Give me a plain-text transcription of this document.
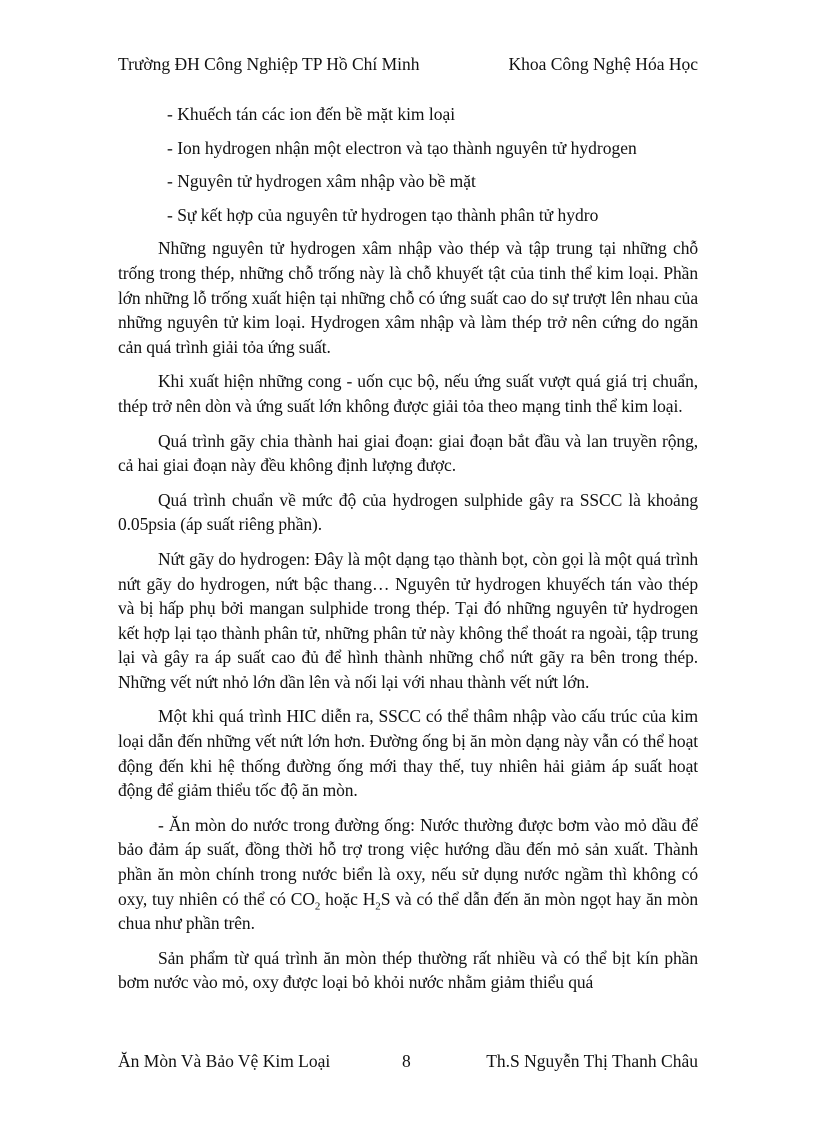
Trường ĐH Công Nghiệp TP Hồ Chí Minh	Khoa Công Nghệ Hóa Học
- Khuếch tán các ion đến bề mặt kim loại
- Ion hydrogen nhận một electron và tạo thành nguyên tử hydrogen
- Nguyên tử hydrogen xâm nhập vào bề mặt
- Sự kết hợp của nguyên tử hydrogen tạo thành phân tử hydro

Những nguyên tử hydrogen xâm nhập vào thép và tập trung tại những chỗ trống trong thép, những chỗ trống này là chỗ khuyết tật của tinh thể kim loại. Phần lớn những lỗ trống xuất hiện tại những chỗ có ứng suất cao do sự trượt lên nhau của những nguyên tử kim loại. Hydrogen xâm nhập và làm thép trở nên cứng do ngăn cản quá trình giải tỏa ứng suất.

Khi xuất hiện những cong - uốn cục bộ, nếu ứng suất vượt quá giá trị chuẩn, thép trở nên dòn và ứng suất lớn không được giải tỏa theo mạng tinh thể kim loại.

Quá trình gãy chia thành hai giai đoạn: giai đoạn bắt đầu và lan truyền rộng, cả hai giai đoạn này đều không định lượng được.

Quá trình chuẩn về mức độ của hydrogen sulphide gây ra SSCC là khoảng 0.05psia (áp suất riêng phần).

Nứt gãy do hydrogen: Đây là một dạng tạo thành bọt, còn gọi là một quá trình nứt gãy do hydrogen, nứt bậc thang… Nguyên tử hydrogen khuyếch tán vào thép và bị hấp phụ bởi mangan sulphide trong thép. Tại đó những nguyên tử hydrogen kết hợp lại tạo thành phân tử, những phân tử này không thể thoát ra ngoài, tập trung lại và gây ra áp suất cao đủ để hình thành những chổ nứt gãy ra bên trong thép. Những vết nứt nhỏ lớn dần lên và nối lại với nhau thành vết nứt lớn.

Một khi quá trình HIC diễn ra, SSCC có thể thâm nhập vào cấu trúc của kim loại dẫn đến những vết nứt lớn hơn. Đường ống bị ăn mòn dạng này vẫn có thể hoạt động đến khi hệ thống đường ống mới thay thế, tuy nhiên hải giảm áp suất hoạt động để giảm thiểu tốc độ ăn mòn.

- Ăn mòn do nước trong đường ống: Nước thường được bơm vào mỏ dầu để bảo đảm áp suất, đồng thời hỗ trợ trong việc hướng dầu đến mỏ sản xuất. Thành phần ăn mòn chính trong nước biển là oxy, nếu sử dụng nước ngầm thì không có oxy, tuy nhiên có thể có $CO_2$ hoặc $H_2S$ và có thể dẫn đến ăn mòn ngọt hay ăn mòn chua như phần trên.

Sản phẩm từ quá trình ăn mòn thép thường rất nhiều và có thể bịt kín phần bơm nước vào mỏ, oxy được loại bỏ khỏi nước nhằm giảm thiểu quá

Ăn Mòn Và Bảo Vệ Kim Loại	8	Th.S Nguyễn Thị Thanh Châu
